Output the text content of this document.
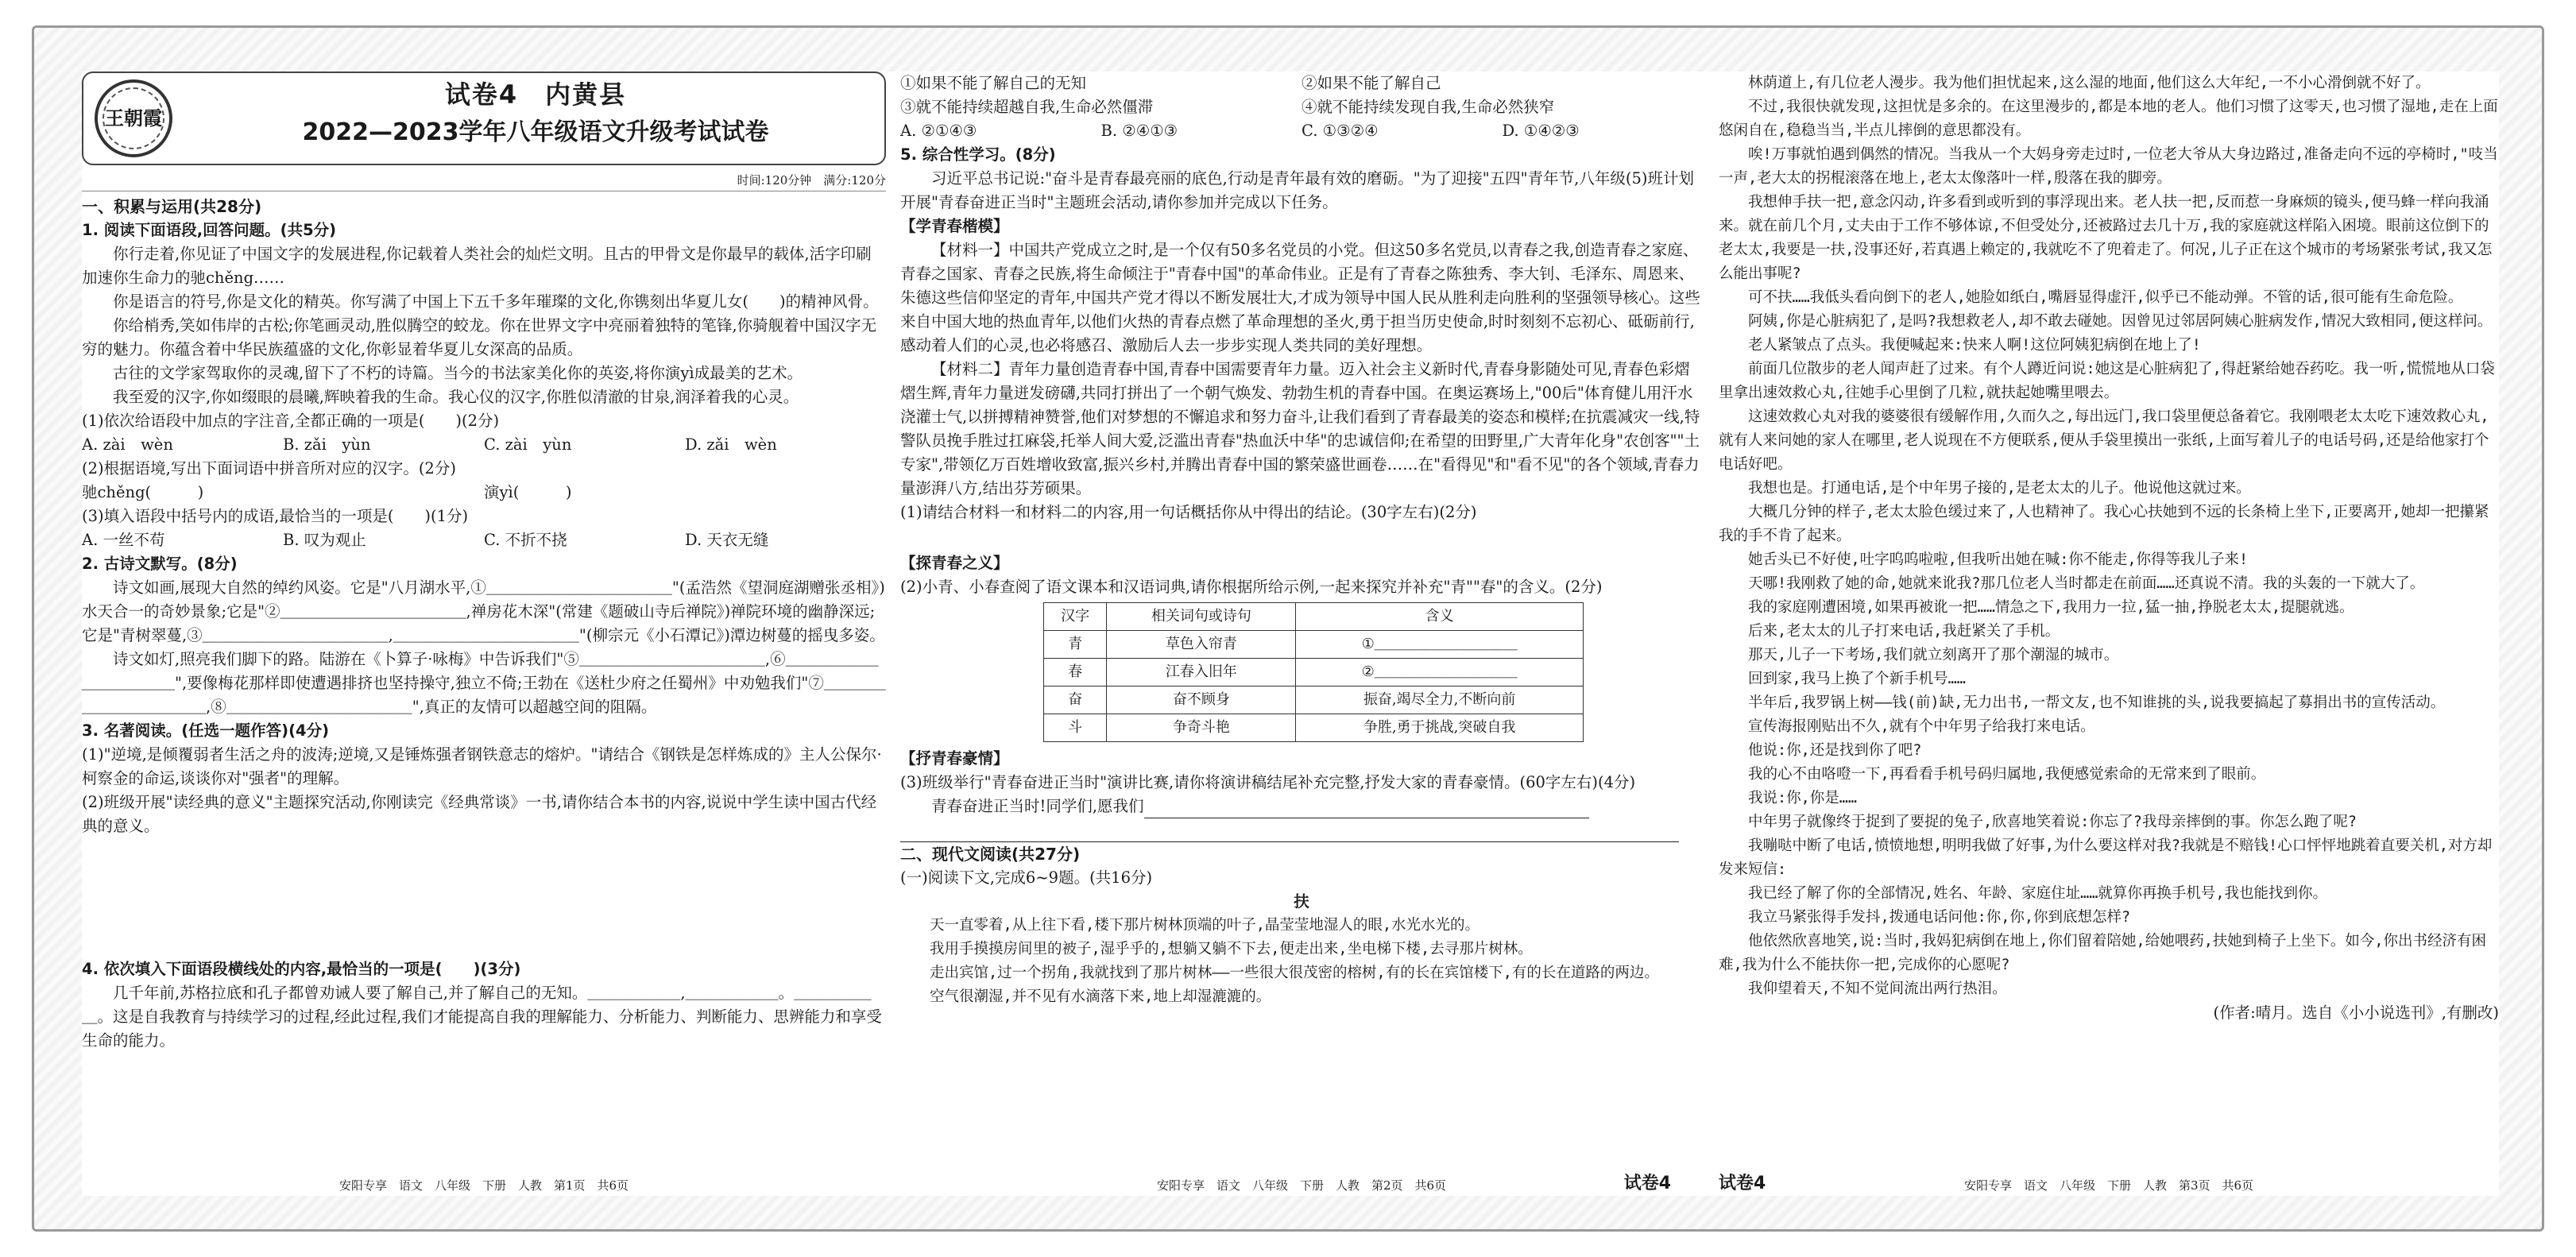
王朝霞
试卷4　内黄县
2022—2023学年八年级语文升级考试试卷
时间:120分钟　满分:120分

一、积累与运用(共28分)

1. 阅读下面语段,回答问题。(共5分)

你行走着,你见证了中国文字的发展进程,你记载着人类社会的灿烂文明。且古的甲骨文是你最早的载体,活字印刷加速你生命力的驰chěng……

你是语言的符号,你是文化的精英。你写满了中国上下五千多年璀璨的文化,你镌刻出华夏儿女(　　)的精神风骨。

你给梢秀,笑如伟岸的古松;你笔画灵动,胜似腾空的蛟龙。你在世界文字中亮丽着独特的笔锋,你骑舰着中国汉字无穷的魅力。你蕴含着中华民族蕴盛的文化,你彰显着华夏儿女深高的品质。

古往的文学家驾取你的灵魂,留下了不朽的诗篇。当今的书法家美化你的英姿,将你演yì成最美的艺术。

我至爱的汉字,你如缀眼的晨曦,辉映着我的生命。我心仪的汉字,你胜似清澈的甘泉,润泽着我的心灵。

(1)依次给语段中加点的字注音,全都正确的一项是(　　)(2分)

A. zài　wèn	B. zǎi　yùn	C. zài　yùn	D. zǎi　wèn

(2)根据语境,写出下面词语中拼音所对应的汉字。(2分)

驰chěng(　　　)	演yì(　　　)

(3)填入语段中括号内的成语,最恰当的一项是(　　)(1分)

A. 一丝不苟	B. 叹为观止	C. 不折不挠	D. 天衣无缝

2. 古诗文默写。(8分)

诗文如画,展现大自然的绰约风姿。它是"八月湖水平,①＿＿＿＿＿＿＿＿＿＿＿＿"(孟浩然《望洞庭湖赠张丞相》)水天合一的奇妙景象;它是"②＿＿＿＿＿＿＿＿＿＿＿＿,禅房花木深"(常建《题破山寺后禅院》)禅院环境的幽静深远;它是"青树翠蔓,③＿＿＿＿＿＿＿＿＿＿＿＿,＿＿＿＿＿＿＿＿＿＿＿＿"(柳宗元《小石潭记》)潭边树蔓的摇曳多姿。

诗文如灯,照亮我们脚下的路。陆游在《卜算子·咏梅》中告诉我们"⑤＿＿＿＿＿＿＿＿＿＿＿＿,⑥＿＿＿＿＿＿＿＿＿＿＿＿",要像梅花那样即使遭遇排挤也坚持操守,独立不倚;王勃在《送杜少府之任蜀州》中劝勉我们"⑦＿＿＿＿＿＿＿＿＿＿＿＿,⑧＿＿＿＿＿＿＿＿＿＿＿＿",真正的友情可以超越空间的阻隔。

3. 名著阅读。(任选一题作答)(4分)

(1)"逆境,是倾覆弱者生活之舟的波涛;逆境,又是锤炼强者钢铁意志的熔炉。"请结合《钢铁是怎样炼成的》主人公保尔·柯察金的命运,谈谈你对"强者"的理解。

(2)班级开展"读经典的意义"主题探究活动,你刚读完《经典常谈》一书,请你结合本书的内容,说说中学生读中国古代经典的意义。

4. 依次填入下面语段横线处的内容,最恰当的一项是(　　)(3分)

几千年前,苏格拉底和孔子都曾劝诫人要了解自己,并了解自己的无知。＿＿＿＿＿＿,＿＿＿＿＿＿。＿＿＿＿＿＿。这是自我教育与持续学习的过程,经此过程,我们才能提高自我的理解能力、分析能力、判断能力、思辨能力和享受生命的能力。

安阳专享　语文　八年级　下册　人教　第1页　共6页
①如果不能了解自己的无知	②如果不能了解自己
③就不能持续超越自我,生命必然僵滞	④就不能持续发现自我,生命必然狭窄
A. ②①④③	B. ②④①③	C. ①③②④	D. ①④②③

5. 综合性学习。(8分)

习近平总书记说:"奋斗是青春最亮丽的底色,行动是青年最有效的磨砺。"为了迎接"五四"青年节,八年级(5)班计划开展"青春奋进正当时"主题班会活动,请你参加并完成以下任务。

【学青春楷模】

【材料一】中国共产党成立之时,是一个仅有50多名党员的小党。但这50多名党员,以青春之我,创造青春之家庭、青春之国家、青春之民族,将生命倾注于"青春中国"的革命伟业。正是有了青春之陈独秀、李大钊、毛泽东、周恩来、朱德这些信仰坚定的青年,中国共产党才得以不断发展壮大,才成为领导中国人民从胜利走向胜利的坚强领导核心。这些来自中国大地的热血青年,以他们火热的青春点燃了革命理想的圣火,勇于担当历史使命,时时刻刻不忘初心、砥砺前行,感动着人们的心灵,也必将感召、激励后人去一步步实现人类共同的美好理想。

【材料二】青年力量创造青春中国,青春中国需要青年力量。迈入社会主义新时代,青春身影随处可见,青春色彩熠熠生辉,青年力量迸发磅礴,共同打拼出了一个朝气焕发、勃勃生机的青春中国。在奥运赛场上,"00后"体育健儿用汗水浇灌士气,以拼搏精神赞誉,他们对梦想的不懈追求和努力奋斗,让我们看到了青春最美的姿态和模样;在抗震减灾一线,特警队员挽手胜过扛麻袋,托举人间大爱,泛滥出青春"热血沃中华"的忠诚信仰;在希望的田野里,广大青年化身"农创客""土专家",带领亿万百姓增收致富,振兴乡村,并腾出青春中国的繁荣盛世画卷……在"看得见"和"看不见"的各个领域,青春力量澎湃八方,结出芬芳硕果。

(1)请结合材料一和材料二的内容,用一句话概括你从中得出的结论。(30字左右)(2分)

【探青春之义】

(2)小青、小春查阅了语文课本和汉语词典,请你根据所给示例,一起来探究并补充"青""春"的含义。(2分)

汉字	相关词句或诗句	含义
青	草色入帘青	①＿＿＿＿＿＿＿＿＿＿
春	江春入旧年	②＿＿＿＿＿＿＿＿＿＿
奋	奋不顾身	振奋,竭尽全力,不断向前
斗	争奇斗艳	争胜,勇于挑战,突破自我

【抒青春豪情】

(3)班级举行"青春奋进正当时"演讲比赛,请你将演讲稿结尾补充完整,抒发大家的青春豪情。(60字左右)(4分)

青春奋进正当时!同学们,愿我们

二、现代文阅读(共27分)

(一)阅读下文,完成6~9题。(共16分)

扶

天一直零着,从上往下看,楼下那片树林顶端的叶子,晶莹莹地湿人的眼,水光水光的。

我用手摸摸房间里的被子,湿乎乎的,想躺又躺不下去,便走出来,坐电梯下楼,去寻那片树林。

走出宾馆,过一个拐角,我就找到了那片树林——一些很大很茂密的榕树,有的长在宾馆楼下,有的长在道路的两边。

空气很潮湿,并不见有水滴落下来,地上却湿漉漉的。

安阳专享　语文　八年级　下册　人教　第2页　共6页	试卷4

林荫道上,有几位老人漫步。我为他们担忧起来,这么湿的地面,他们这么大年纪,一不小心滑倒就不好了。

不过,我很快就发现,这担忧是多余的。在这里漫步的,都是本地的老人。他们习惯了这零天,也习惯了湿地,走在上面悠闲自在,稳稳当当,半点儿摔倒的意思都没有。

唉!万事就怕遇到偶然的情况。当我从一个大妈身旁走过时,一位老大爷从大身边路过,准备走向不远的亭椅时,"吱当一声,老大太的拐棍滚落在地上,老太太像落叶一样,殷落在我的脚旁。

我想伸手扶一把,意念闪动,许多看到或听到的事浮现出来。老人扶一把,反而惹一身麻烦的镜头,便马蜂一样向我涌来。就在前几个月,丈夫由于工作不够体谅,不但受处分,还被路过去几十万,我的家庭就这样陷入困境。眼前这位倒下的老太太,我要是一扶,没事还好,若真遇上赖定的,我就吃不了兜着走了。何况,儿子正在这个城市的考场紧张考试,我又怎么能出事呢?

可不扶……我低头看向倒下的老人,她脸如纸白,嘴唇显得虚汗,似乎已不能动弹。不管的话,很可能有生命危险。

阿姨,你是心脏病犯了,是吗?我想救老人,却不敢去碰她。因曾见过邻居阿姨心脏病发作,情况大致相同,便这样问。

老人紧皱点了点头。我便喊起来:快来人啊!这位阿姨犯病倒在地上了!

前面几位散步的老人闻声赶了过来。有个人蹲近问说:她这是心脏病犯了,得赶紧给她吞药吃。我一听,慌慌地从口袋里拿出速效救心丸,往她手心里倒了几粒,就扶起她嘴里喂去。

这速效救心丸对我的婆婆很有缓解作用,久而久之,每出远门,我口袋里便总备着它。我刚喂老太太吃下速效救心丸,就有人来问她的家人在哪里,老人说现在不方便联系,便从手袋里摸出一张纸,上面写着儿子的电话号码,还是给他家打个电话好吧。

我想也是。打通电话,是个中年男子接的,是老太太的儿子。他说他这就过来。

大概几分钟的样子,老太太脸色缓过来了,人也精神了。我心心扶她到不远的长条椅上坐下,正要离开,她却一把攥紧我的手不肯了起来。

她舌头已不好使,吐字呜呜啦啦,但我听出她在喊:你不能走,你得等我儿子来!

天哪!我刚救了她的命,她就来讹我?那几位老人当时都走在前面……还真说不清。我的头轰的一下就大了。

我的家庭刚遭困境,如果再被讹一把……情急之下,我用力一拉,猛一抽,挣脱老太太,提腿就逃。

后来,老太太的儿子打来电话,我赶紧关了手机。

那天,儿子一下考场,我们就立刻离开了那个潮湿的城市。

回到家,我马上换了个新手机号……

半年后,我罗锅上树——钱(前)缺,无力出书,一帮文友,也不知谁挑的头,说我要搞起了募捐出书的宣传活动。

宣传海报刚贴出不久,就有个中年男子给我打来电话。

他说:你,还是找到你了吧?

我的心不由咯噔一下,再看看手机号码归属地,我便感觉索命的无常来到了眼前。

我说:你,你是……

中年男子就像终于捉到了要捉的兔子,欣喜地笑着说:你忘了?我母亲摔倒的事。你怎么跑了呢?

我嘣哒中断了电话,愤愤地想,明明我做了好事,为什么要这样对我?我就是不赔钱!心口怦怦地跳着直要关机,对方却发来短信:

我已经了解了你的全部情况,姓名、年龄、家庭住址……就算你再换手机号,我也能找到你。

我立马紧张得手发抖,拨通电话问他:你,你,你到底想怎样?

他依然欣喜地笑,说:当时,我妈犯病倒在地上,你们留着陪她,给她喂药,扶她到椅子上坐下。如今,你出书经济有困难,我为什么不能扶你一把,完成你的心愿呢?

我仰望着天,不知不觉间流出两行热泪。

(作者:晴月。选自《小小说选刊》,有删改)

试卷4	安阳专享　语文　八年级　下册　人教　第3页　共6页
